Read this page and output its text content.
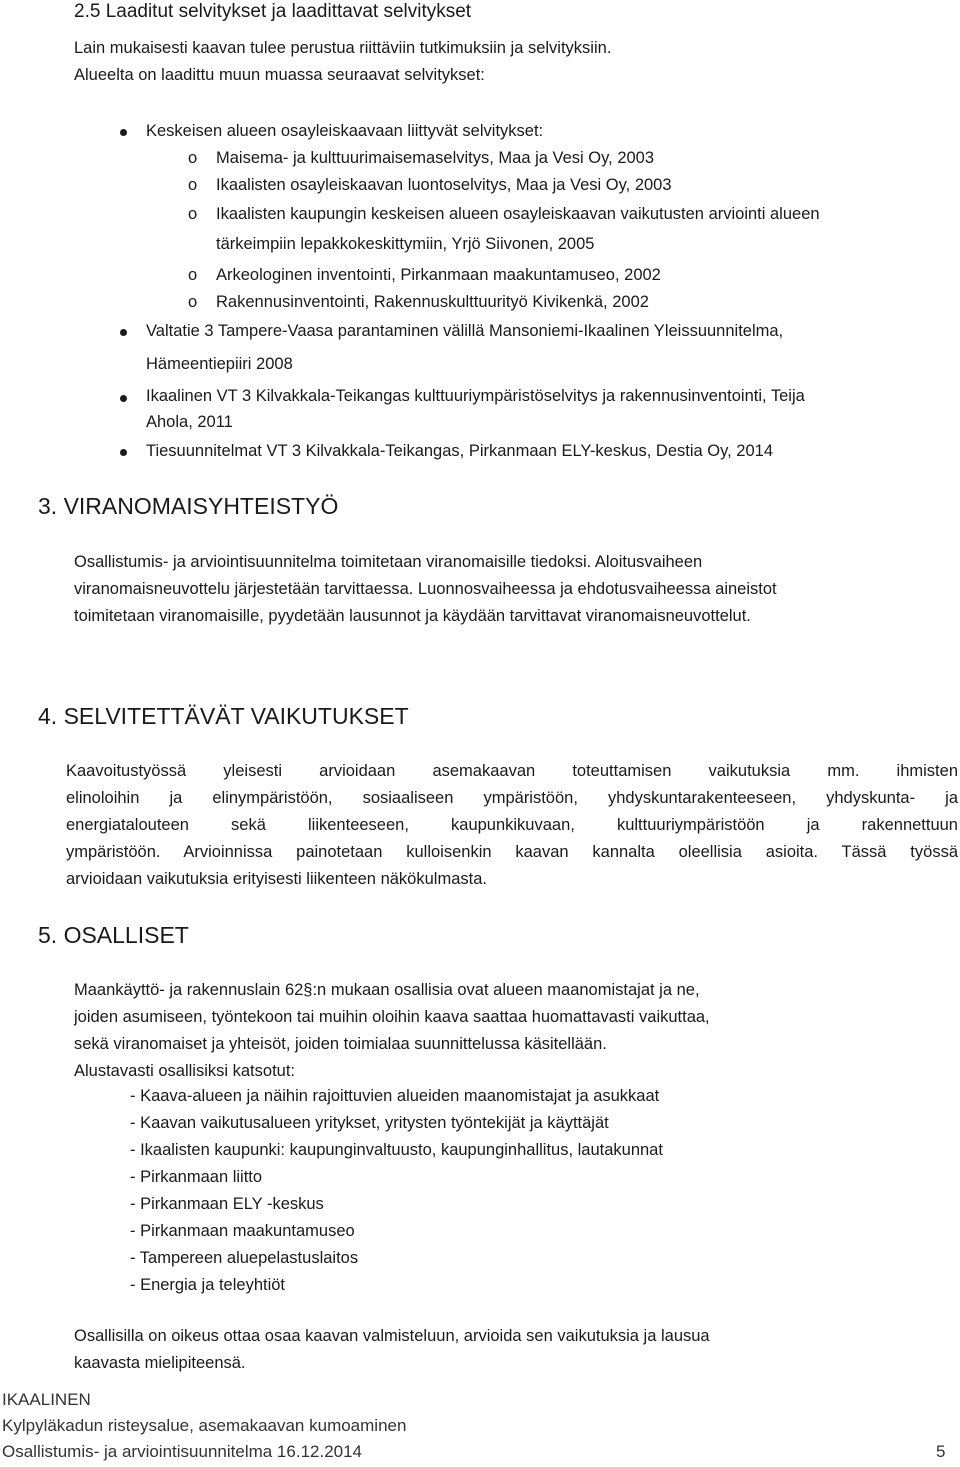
2.5 Laaditut selvitykset ja laadittavat selvitykset
Lain mukaisesti kaavan tulee perustua riittäviin tutkimuksiin ja selvityksiin.
Alueelta on laadittu muun muassa seuraavat selvitykset:
Keskeisen alueen osayleiskaavaan liittyvät selvitykset:
o Maisema- ja kulttuurimaisemaselvitys, Maa ja Vesi Oy, 2003
o Ikaalisten osayleiskaavan luontoselvitys, Maa ja Vesi Oy, 2003
o Ikaalisten kaupungin keskeisen alueen osayleiskaavan vaikutusten arviointi alueen
tärkeimpiin lepakkokeskittymiin, Yrjö Siivonen, 2005
o Arkeologinen inventointi, Pirkanmaan maakuntamuseo, 2002
o Rakennusinventointi, Rakennuskulttuurityö Kivikenkä, 2002
Valtatie 3 Tampere-Vaasa parantaminen välillä Mansoniemi-Ikaalinen Yleissuunnitelma,
Hämeentiepiiri 2008
Ikaalinen VT 3 Kilvakkala-Teikangas kulttuuriympäristöselvitys ja rakennusinventointi, Teija
Ahola, 2011
Tiesuunnitelmat VT 3 Kilvakkala-Teikangas, Pirkanmaan ELY-keskus, Destia Oy, 2014
3. VIRANOMAISYHTEISTYÖ
Osallistumis- ja arviointisuunnitelma toimitetaan viranomaisille tiedoksi. Aloitusvaiheen
viranomaisneuvottelu järjestetään tarvittaessa. Luonnosvaiheessa ja ehdotusvaiheessa aineistot
toimitetaan viranomaisille, pyydetään lausunnot ja käydään tarvittavat viranomaisneuvottelut.
4. SELVITETTÄVÄT VAIKUTUKSET
Kaavoitustyössä yleisesti arvioidaan asemakaavan toteuttamisen vaikutuksia mm. ihmisten
elinoloihin ja elinympäristöön, sosiaaliseen ympäristöön, yhdyskuntarakenteeseen, yhdyskunta- ja
energiatalouteen sekä liikenteeseen, kaupunkikuvaan, kulttuuriympäristöön ja rakennettuun
ympäristöön. Arvioinnissa painotetaan kulloisenkin kaavan kannalta oleellisia asioita. Tässä työssä
arvioidaan vaikutuksia erityisesti liikenteen näkökulmasta.
5. OSALLISET
Maankäyttö- ja rakennuslain 62§:n mukaan osallisia ovat alueen maanomistajat ja ne,
joiden asumiseen, työntekoon tai muihin oloihin kaava saattaa huomattavasti vaikuttaa,
sekä viranomaiset ja yhteisöt, joiden toimialaa suunnittelussa käsitellään.
Alustavasti osallisiksi katsotut:
- Kaava-alueen ja näihin rajoittuvien alueiden maanomistajat ja asukkaat
- Kaavan vaikutusalueen yritykset, yritysten työntekijät ja käyttäjät
- Ikaalisten kaupunki: kaupunginvaltuusto, kaupunginhallitus, lautakunnat
- Pirkanmaan liitto
- Pirkanmaan ELY -keskus
- Pirkanmaan maakuntamuseo
- Tampereen aluepelastuslaitos
- Energia ja teleyhtiöt
Osallisilla on oikeus ottaa osaa kaavan valmisteluun, arvioida sen vaikutuksia ja lausua
kaavasta mielipiteensä.
IKAALINEN
Kylpyläkadun risteysalue, asemakaavan kumoaminen
Osallistumis- ja arviointisuunnitelma 16.12.2014	5
